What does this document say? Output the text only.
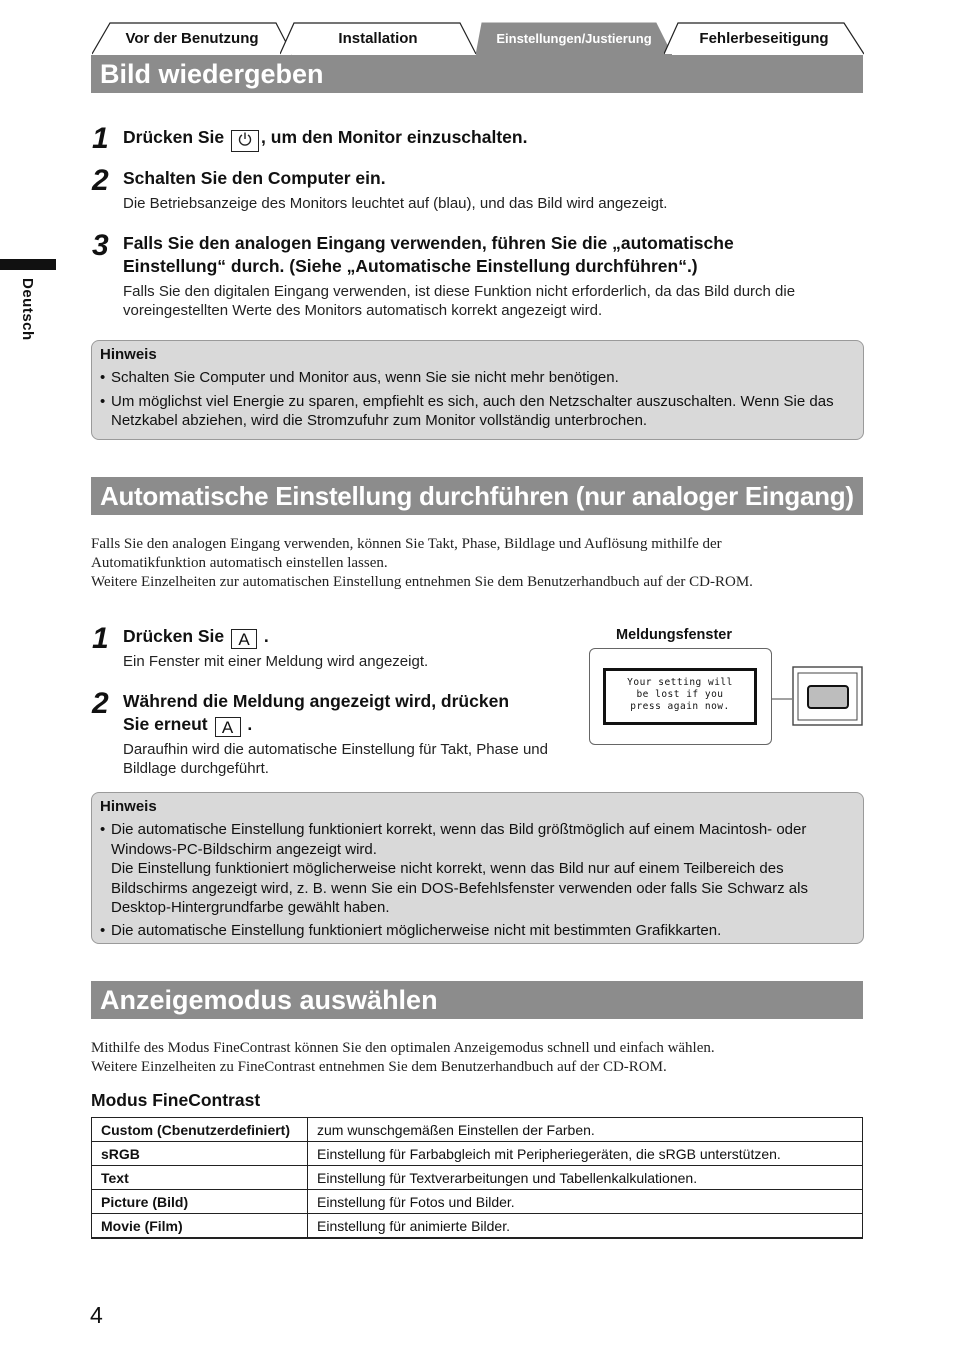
Vor der Benutzung	Installation	Einstellungen/Justierung	Fehlerbeseitigung
Deutsch
Bild wiedergeben
1 Drücken Sie , um den Monitor einzuschalten.
2 Schalten Sie den Computer ein.
Die Betriebsanzeige des Monitors leuchtet auf (blau), und das Bild wird angezeigt.
3 Falls Sie den analogen Eingang verwenden, führen Sie die „automatische
Einstellung“ durch. (Siehe „Automatische Einstellung durchführen“.)
Falls Sie den digitalen Eingang verwenden, ist diese Funktion nicht erforderlich, da das Bild durch die
voreingestellten Werte des Monitors automatisch korrekt angezeigt wird.
Hinweis
• Schalten Sie Computer und Monitor aus, wenn Sie sie nicht mehr benötigen.
• Um möglichst viel Energie zu sparen, empfiehlt es sich, auch den Netzschalter auszuschalten. Wenn Sie das Netzkabel abziehen, wird die Stromzufuhr zum Monitor vollständig unterbrochen.
Automatische Einstellung durchführen (nur analoger Eingang)
Falls Sie den analogen Eingang verwenden, können Sie Takt, Phase, Bildlage und Auflösung mithilfe der
Automatikfunktion automatisch einstellen lassen.
Weitere Einzelheiten zur automatischen Einstellung entnehmen Sie dem Benutzerhandbuch auf der CD-ROM.
1 Drücken Sie A .
Ein Fenster mit einer Meldung wird angezeigt.
2 Während die Meldung angezeigt wird, drücken
Sie erneut A .
Daraufhin wird die automatische Einstellung für Takt, Phase und
Bildlage durchgeführt.
Meldungsfenster
Your setting will
be lost if you
press again now.
Hinweis
• Die automatische Einstellung funktioniert korrekt, wenn das Bild größtmöglich auf einem Macintosh- oder
Windows-PC-Bildschirm angezeigt wird.
Die Einstellung funktioniert möglicherweise nicht korrekt, wenn das Bild nur auf einem Teilbereich des
Bildschirms angezeigt wird, z. B. wenn Sie ein DOS-Befehlsfenster verwenden oder falls Sie Schwarz als
Desktop-Hintergrundfarbe gewählt haben.
• Die automatische Einstellung funktioniert möglicherweise nicht mit bestimmten Grafikkarten.
Anzeigemodus auswählen
Mithilfe des Modus FineContrast können Sie den optimalen Anzeigemodus schnell und einfach wählen.
Weitere Einzelheiten zu FineContrast entnehmen Sie dem Benutzerhandbuch auf der CD-ROM.
Modus FineContrast
Custom (Cbenutzerdefiniert)	zum wunschgemäßen Einstellen der Farben.
sRGB	Einstellung für Farbabgleich mit Peripheriegeräten, die sRGB unterstützen.
Text	Einstellung für Textverarbeitungen und Tabellenkalkulationen.
Picture (Bild)	Einstellung für Fotos und Bilder.
Movie (Film)	Einstellung für animierte Bilder.
4
